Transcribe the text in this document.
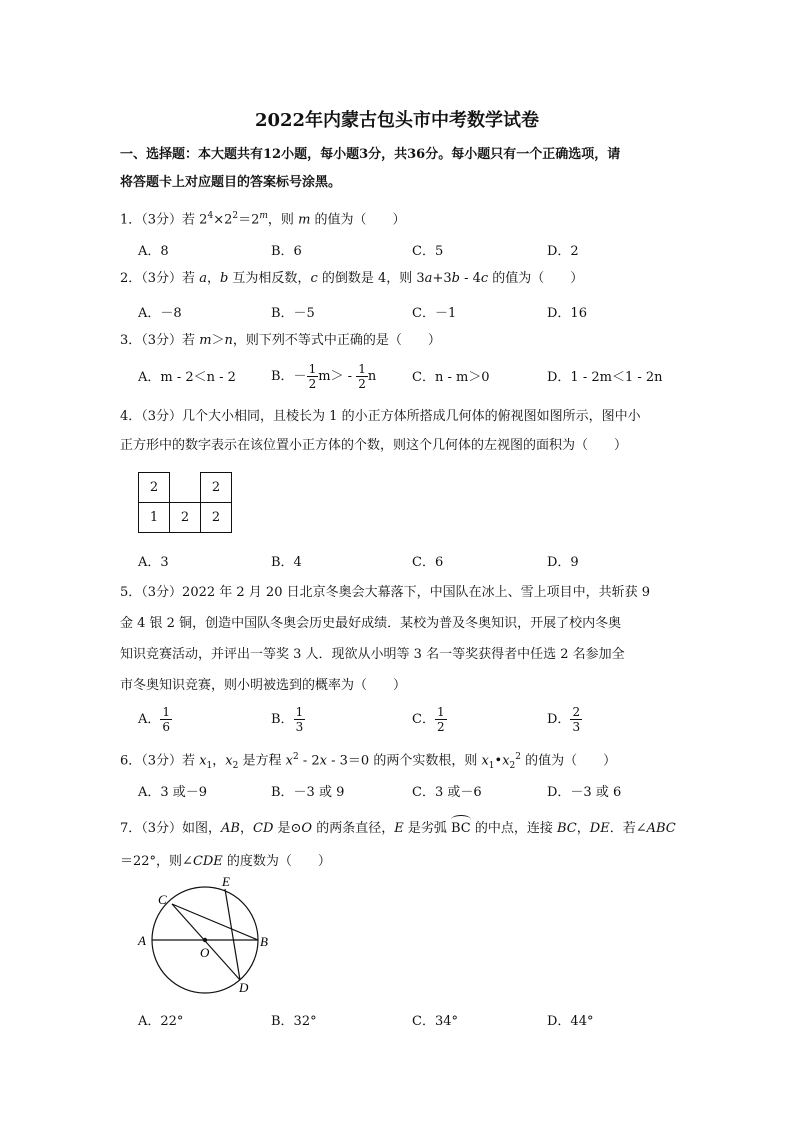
2022年内蒙古包头市中考数学试卷
一、选择题：本大题共有12小题，每小题3分，共36分。每小题只有一个正确选项，请
将答题卡上对应题目的答案标号涂黑。
1．（3分）若 $2^4\times 2^2=2^m$，则 m 的值为（　　）
A．8	B．6	C．5	D．2
2．（3分）若 a，b 互为相反数，c 的倒数是 4，则 3a+3b - 4c 的值为（　　）
A．－8	B．－5	C．－1	D．16
3．（3分）若 m＞n，则下列不等式中正确的是（　　）
A．m - 2＜n - 2	B．－ $\frac{1}{2} m> - \frac{1}{2}$ n	C．n - m＞0	D．1 - 2m＜1 - 2n
4．（3分）几个大小相同，且棱长为 1 的小正方体所搭成几何体的俯视图如图所示，图中小
正方形中的数字表示在该位置小正方体的个数，则这个几何体的左视图的面积为（　　）
2		2
1	2	2
A．3	B．4	C．6	D．9
5．（3分）2022 年 2 月 20 日北京冬奥会大幕落下，中国队在冰上、雪上项目中，共斩获 9
金 4 银 2 铜，创造中国队冬奥会历史最好成绩．某校为普及冬奥知识，开展了校内冬奥
知识竞赛活动，并评出一等奖 3 人．现欲从小明等 3 名一等奖获得者中任选 2 名参加全
市冬奥知识竞赛，则小明被选到的概率为（　　）
A． $\frac{1}{6}$	B． $\frac{1}{3}$	C． $\frac{1}{2}$	D． $\frac{2}{3}$
6．（3分）若 $x_1$，$x_2$ 是方程 $x^2 - 2x - 3=0$ 的两个实数根，则 $x_1•x_2^2$ 的值为（　　）
A．3 或－9	B．－3 或 9	C．3 或－6	D．－3 或 6
7．（3分）如图，AB，CD 是⊙O 的两条直径，E 是劣弧 BC 的中点，连接 BC，DE．若∠ABC
＝22°，则∠CDE 的度数为（　　）
A	B
C
D
E
O
A．22°	B．32°	C．34°	D．44°
